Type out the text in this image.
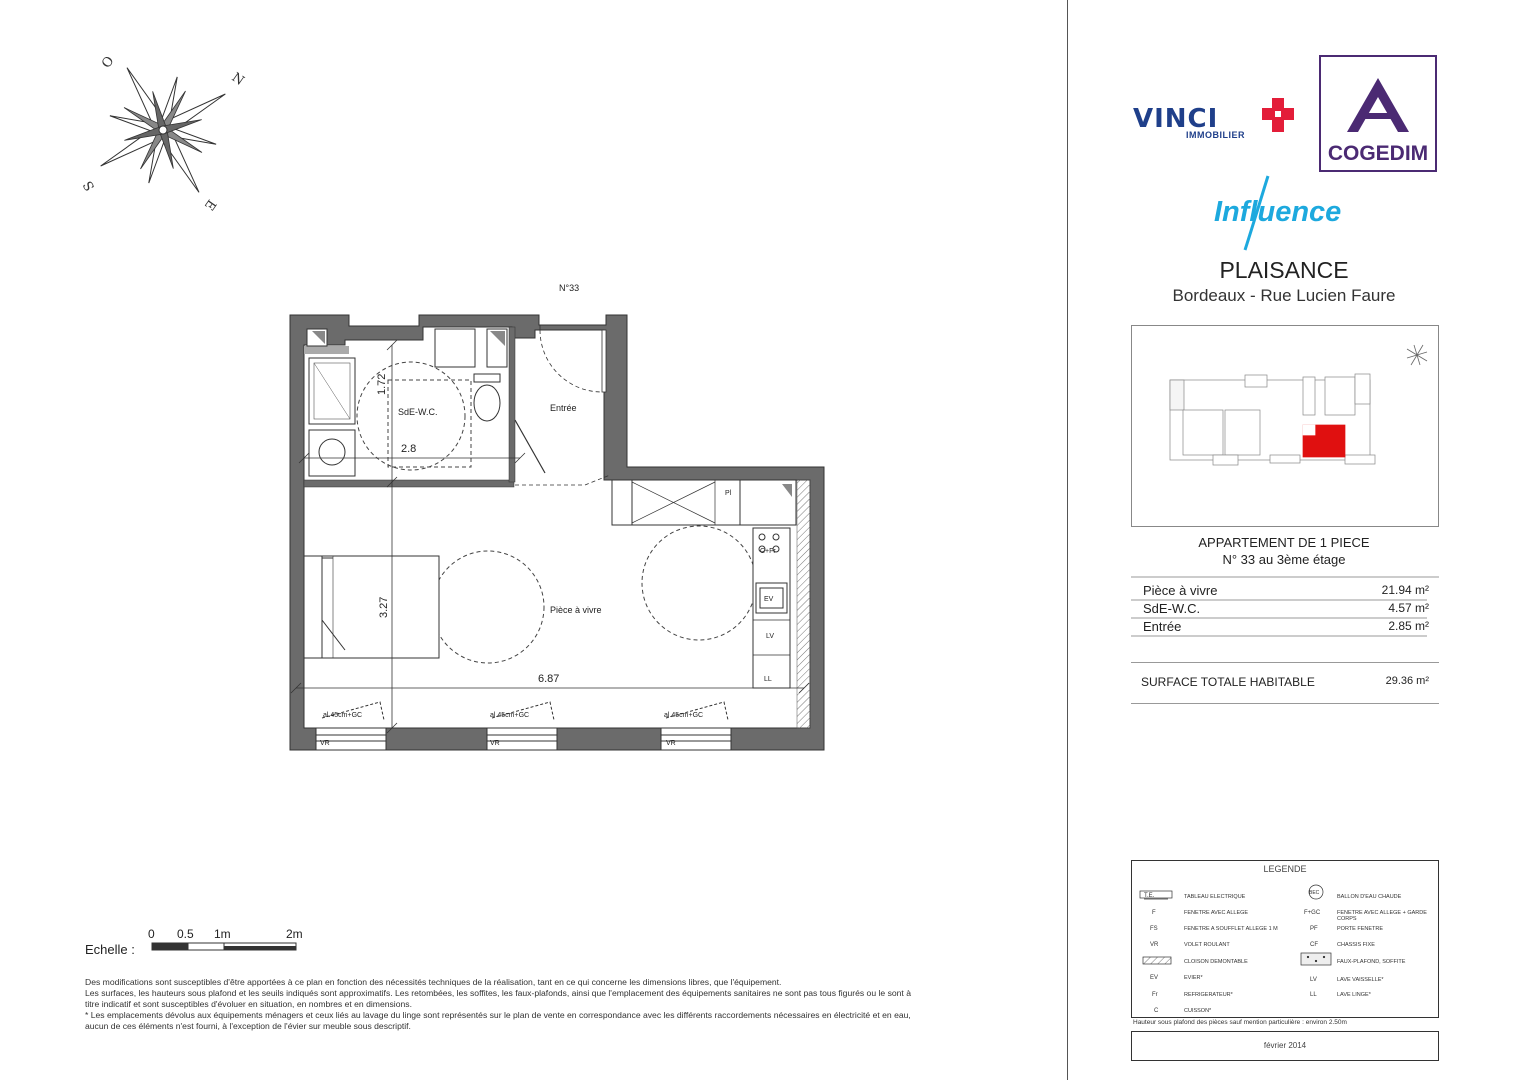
O
N
S
E
N°33
SdE-W.C.	Entrée
Pièce à vivre
1.72
2.8
3.27
6.87
Pl
C+Fr
EV
LV
LL
al.45cm+GC	al.45cm+GC	al.45cm+GC
VR	VR	VR
Echelle :
0 0.5 1m	2m
Des modifications sont susceptibles d'être apportées à ce plan en fonction des nécessités techniques de la réalisation, tant en ce qui concerne les dimensions libres, que l'équipement.
Les surfaces, les hauteurs sous plafond et les seuils indiqués sont approximatifs. Les retombées, les soffites, les faux-plafonds, ainsi que l'emplacement des équipements sanitaires ne sont pas tous figurés ou le sont à
titre indicatif et sont susceptibles d'évoluer en situation, en nombres et en dimensions.
* Les emplacements dévolus aux équipements ménagers et ceux liés au lavage du linge sont représentés sur le plan de vente en correspondance avec les différents raccordements nécessaires en électricité et en eau,
aucun de ces éléments n'est fourni, à l'exception de l'évier sur meuble sous descriptif.
VINCI
IMMOBILIER
COGEDIM
Influence
PLAISANCE
Bordeaux - Rue Lucien Faure
APPARTEMENT DE 1 PIECE
N° 33 au 3ème étage
Pièce à vivre	21.94 m²
SdE-W.C.	4.57 m²
Entrée	2.85 m²
SURFACE TOTALE HABITABLE	29.36 m²
LEGENDE
T.E.	TABLEAU ELECTRIQUE
F	FENETRE AVEC ALLEGE
FS	FENETRE A SOUFFLET ALLEGE 1 M
VR	VOLET ROULANT
CLOISON DEMONTABLE
EV	EVIER*
Fr	REFRIGERATEUR*
C	CUISSON*
BEC
BALLON D'EAU CHAUDE
F+GC	FENETRE AVEC ALLEGE + GARDE CORPS
PF	PORTE FENETRE
CF	CHASSIS FIXE
FAUX-PLAFOND, SOFFITE
LV	LAVE VAISSELLE*
LL	LAVE LINGE*
Hauteur sous plafond des pièces sauf mention particulière : environ 2.50m
février 2014
